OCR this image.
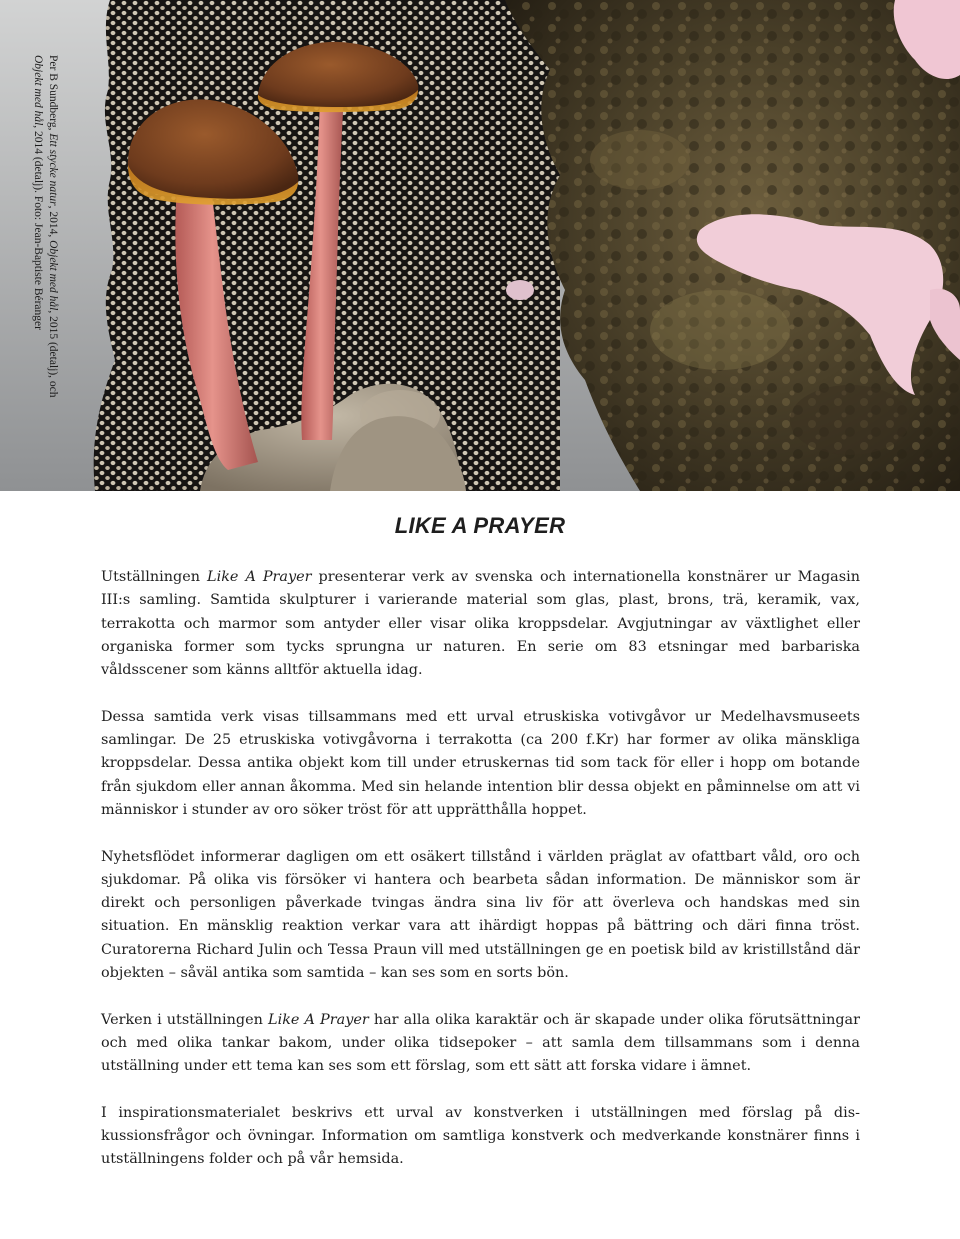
Per B Sundberg, Ett stycke natur, 2014, Objekt med hål, 2015 (detalj), och
Objekt med hål, 2014 (detalj). Foto: Jean-Baptiste Béranger
LIKE A PRAYER

Utställningen Like A Prayer presenterar verk av svenska och internationella konstnärer ur Magasin III:s samling. Samtida skulpturer i varierande material som glas, plast, brons, trä, keramik, vax, terrakotta och marmor som antyder eller visar olika kroppsdelar. Avgjutningar av växtlighet eller organiska former som tycks sprungna ur naturen. En serie om 83 etsningar med barbariska våldsscener som känns alltför aktuella idag.

Dessa samtida verk visas tillsammans med ett urval etruskiska votivgåvor ur Medelhavsmuseets samlingar. De 25 etruskiska votivgåvorna i terrakotta (ca 200 f.Kr) har former av olika mänskliga kroppsdelar. Dessa antika objekt kom till under etruskernas tid som tack för eller i hopp om botande från sjukdom eller annan åkomma. Med sin helande intention blir dessa objekt en påminnelse om att vi människor i stunder av oro söker tröst för att upprätthålla hoppet.

Nyhetsflödet informerar dagligen om ett osäkert tillstånd i världen präglat av ofattbart våld, oro och sjukdomar. På olika vis försöker vi hantera och bearbeta sådan information. De människor som är direkt och personligen påverkade tvingas ändra sina liv för att överleva och handskas med sin situation. En mänsklig reaktion verkar vara att ihärdigt hoppas på bättring och däri finna tröst. Curatorerna Richard Julin och Tessa Praun vill med utställningen ge en poetisk bild av kristillstånd där objekten – såväl antika som samtida – kan ses som en sorts bön.

Verken i utställningen Like A Prayer har alla olika karaktär och är skapade under olika förutsättningar och med olika tankar bakom, under olika tidsepoker – att samla dem tillsammans som i denna utställning under ett tema kan ses som ett förslag, som ett sätt att forska vidare i ämnet.

I inspirationsmaterialet beskrivs ett urval av konstverken i utställningen med förslag på diskussionsfrågor och övningar. Information om samtliga konstverk och medverkande konstnärer finns i utställningens folder och på vår hemsida.
